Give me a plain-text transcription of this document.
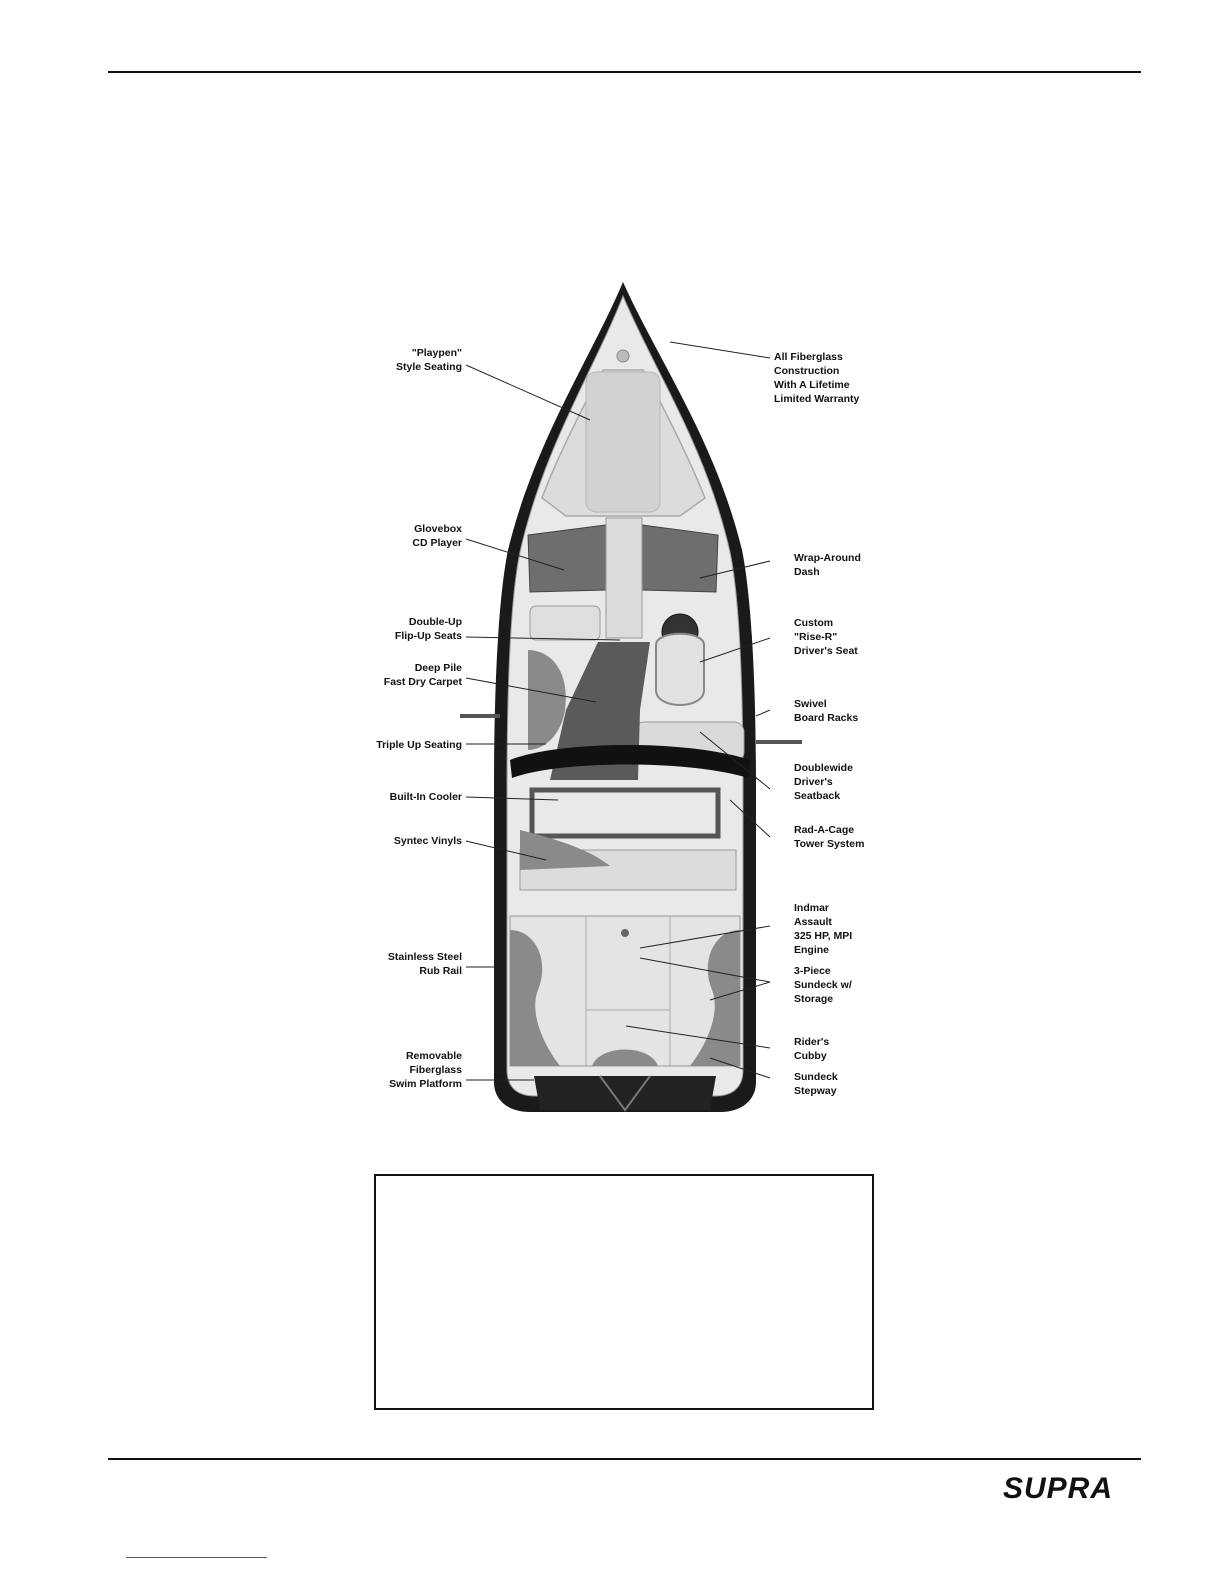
"Playpen"
Style Seating
Glovebox
CD Player
Double-Up
Flip-Up Seats
Deep Pile
Fast Dry Carpet
Triple Up Seating
Built-In Cooler
Syntec Vinyls
Stainless Steel
Rub Rail
Removable
Fiberglass
Swim Platform
All Fiberglass
Construction
With A Lifetime
Limited Warranty
Wrap-Around
Dash
Custom
"Rise-R"
Driver's Seat
Swivel
Board Racks
Doublewide
Driver's
Seatback
Rad-A-Cage
Tower System
Indmar
Assault
325 HP, MPI
Engine
3-Piece
Sundeck w/
Storage
Rider's
Cubby
Sundeck
Stepway
SUPRA
